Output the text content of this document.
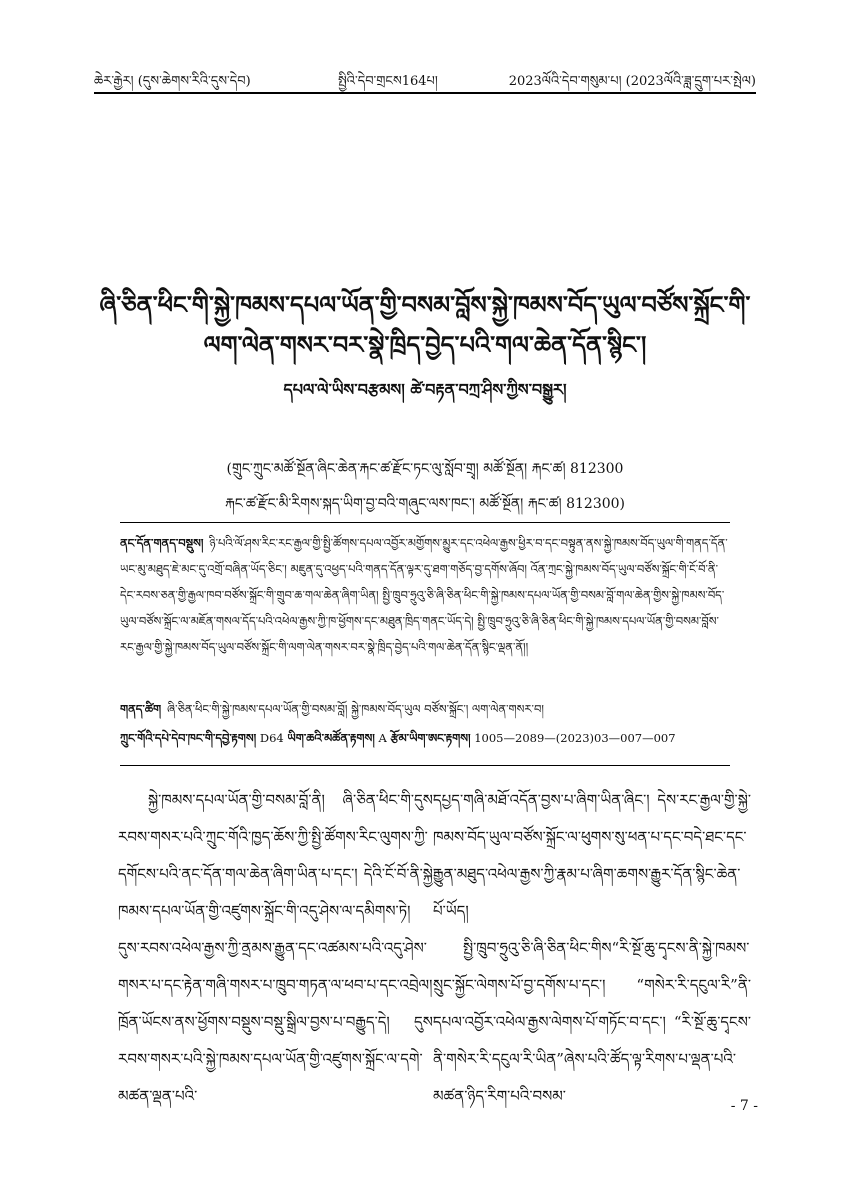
ཆེར་རྒྱེར། (དུས་ཆེགས་རིའི་དུས་དེབ)	སྤྱིའི་དེབ་གྲངས164པ།	2023ལོའི་དེབ་གསུམ་པ། (2023ལོའི་ཟླ་དྲུག་པར་སྤེལ)
ཞི་ཅིན་ཕིང་གི་སྐྱེ་ཁམས་དཔལ་ཡོན་གྱི་བསམ་བློས་སྐྱེ་ཁམས་བོད་ཡུལ་བཙོས་སྐྲོང་གི་ལག་ལེན་གསར་བར་སྣེ་ཁྲིད་བྱེད་པའི་གལ་ཆེན་དོན་སྙིང་།
དཔལ་ལེ་ཡིས་བརྩམས། ཚེ་བརྟན་བཀྲ་ཤིས་ཀྱིས་བསྒྱུར།
(གྲུང་ཀྲུང་མཚོ་སྔོན་ཞིང་ཆེན་རྐང་ཚ་རྫོང་ཏང་ལུ་སློབ་གྲྭ། མཚོ་སྔོན། རྐང་ཚ། 812300
རྐང་ཚ་རྫོང་མི་རིགས་སྐད་ཡིག་བྱ་བའི་གཞུང་ལས་ཁང་། མཚོ་སྔོན། རྐང་ཚ། 812300)
ནང་དོན་གནད་བསྡུས། ཉི་པའི་ལོ་ཤས་རིང་རང་རྒྱལ་གྱི་སྤྱི་ཚོགས་དཔལ་འབྱོར་མགྱོགས་མྱུར་དང་འཕེལ་རྒྱས་ཕྱིར་བ་དང་བསྟུན་ནས་སྐྱེ་ཁམས་བོད་ཡུལ་གི་གནད་དོན་ཡང་མུ་མཐུད་ཇེ་མང་དུ་འགྲོ་བཞིན་ཡོད་ཅིང་། མཇུན་དུ་འཕྱད་པའི་གནད་དོན་ལྟར་དུ་ཐག་གཅོད་བྱ་དགོས་ཞོབ། འོན་ཀྲང་སྐྱེ་ཁམས་བོད་ཡུལ་བཙོས་སྐྲོང་གི་ངོ་བོ་ནི་དེང་རབས་ཅན་གྱི་རྒྱལ་ཁབ་བཙོས་སྐྲོང་གི་གྲུབ་ཆ་གལ་ཆེན་ཞིག་ཡིན། སྤྱི་ཁྲུབ་ཧྲུའུ་ཅི་ཞི་ཅིན་ཕིང་གི་སྐྱེ་ཁམས་དཔལ་ཡོན་གྱི་བསམ་བློ་གལ་ཆེན་གྱིས་སྐྱེ་ཁམས་བོད་ཡུལ་བཙོས་སྐྲོང་ལ་མཇོན་གསལ་དོད་པའི་འཕེལ་རྒྱས་ཀྱི་ཁ་ཕྱོགས་དང་མཐུན་ཁྲིད་གནང་ཡོད་དེ། སྤྱི་ཁྲུབ་ཧྲུའུ་ཅི་ཞི་ཅིན་ཕིང་གི་སྐྱེ་ཁམས་དཔལ་ཡོན་གྱི་བསམ་བློས་རང་རྒྱལ་གྱི་སྐྱེ་ཁམས་བོད་ཡུལ་བཙོས་སྐྲོང་གི་ལག་ལེན་གསར་བར་སྣེ་ཁྲིད་བྱེད་པའི་གལ་ཆེན་དོན་སྙིང་ལྡན་ནོ།།
གནད་ཚིག ཞི་ཅིན་ཕིང་གི་སྐྱེ་ཁམས་དཔལ་ཡོན་གྱི་བསམ་བློ། སྐྱེ་ཁམས་བོད་ཡུལ བཙོས་སྐྲོང་། ལག་ལེན་གསར་བ།
ཀྲུང་གོའི་དཔེ་དེབ་ཁང་གི་དབྱེ་རྟགས། D64 ཡིག་ཆའི་མཚོན་རྟགས། A རྩོམ་ཡིག་ཨང་རྟགས། 1005—2089—(2023)03—007—007

སྐྱེ་ཁམས་དཔལ་ཡོན་གྱི་བསམ་བློ་ནི། ཞི་ཅིན་ཕིང་གི་དུས་རབས་གསར་པའི་ཀྲུང་གོའི་ཁྱད་ཆོས་ཀྱི་སྤྱི་ཚོགས་རིང་ལུགས་ཀྱི་དགོངས་པའི་ནང་དོན་གལ་ཆེན་ཞིག་ཡིན་པ་དང་། དེའི་ངོ་བོ་ནི་སྐྱེ་ཁམས་དཔལ་ཡོན་གྱི་འཛུགས་སྐྲོང་གི་འདུ་ཤེས་ལ་དམིགས་ཏེ། དུས་རབས་འཕེལ་རྒྱས་ཀྱི་ནྲམས་རྒྱུན་དང་འཚམས་པའི་འདུ་ཤེས་གསར་པ་དང་རྟེན་གཞི་གསར་པ་ཁྲུབ་གཏན་ལ་ཕབ་པ་དང་འབྲེལ། ཁྲོན་ཡོངས་ནས་ཕྱོགས་བསྡུས་བསྡུ་སྒྲིལ་བྱས་པ་བརྒྱུད་དེ། དུས་རབས་གསར་པའི་སྐྱེ་ཁམས་དཔལ་ཡོན་གྱི་འཛུགས་སྐྲོང་ལ་དགེ་མཚན་ལྡན་པའི་

དཔྱད་གཞི་མཐོ་འདོན་བྱས་པ་ཞིག་ཡིན་ཞིང་། དེས་རང་རྒྱལ་གྱི་སྐྱེ་ཁམས་བོད་ཡུལ་བཙོས་སྐྲོང་ལ་ཕུགས་སུ་ཕན་པ་དང་བདེ་ཐང་དང་རྒྱུན་མཐུད་འཕེལ་རྒྱས་ཀྱི་རྣམ་པ་ཞིག་ཆགས་རྒྱུར་དོན་སྙིང་ཆེན་པོ་ཡོད།

སྤྱི་ཁྲུབ་ཧྲུའུ་ཅི་ཞི་ཅིན་ཕིང་གིས“རི་སྔོ་ཆུ་དྭངས་ནི་སྐྱེ་ཁམས་སྲུང་སྐྱོང་ལེགས་པོ་བྱ་དགོས་པ་དང་། “གསེར་རི་དངུལ་རི”ནི་དཔལ་འབྱོར་འཕེལ་རྒྱས་ལེགས་པོ་གཏོང་བ་དང་། “རི་སྔོ་ཆུ་དྭངས་ནི་གསེར་རི་དངུལ་རི་ཡིན”ཞེས་པའི་ཚོད་ལྟ་རིགས་པ་ལྡན་པའི་མཚན་ཉིད་རིག་པའི་བསམ་

- 7 -
